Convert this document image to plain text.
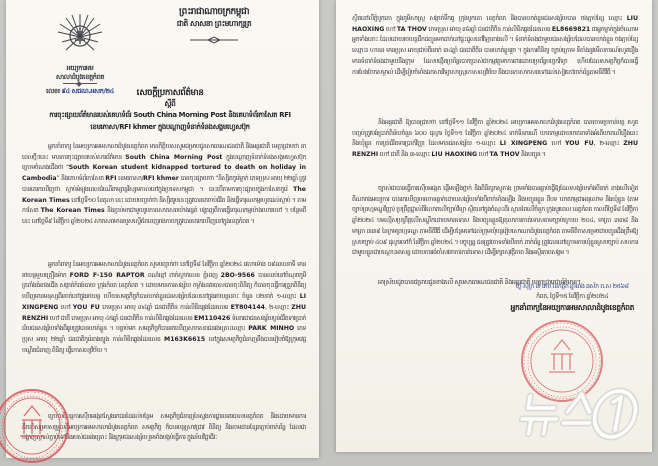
អយ្យការអម
សាលាដំបូងខេត្តកំពត
លេខ៖ ៩៤ សជណ.អសក/២៤
ព្រះរាជាណាចក្រកម្ពុជា
ជាតិ សាសនា ព្រះមហាក្សត្រ
សេចក្តីប្រកាសព័ត៌មាន
ស្តីពី
ការចុះផ្សាយព័ត៌មានរបស់គេហទំព័រ South China Morning Post និងគេហទំព័រកាសែត RFI
ខេមរភាសា/RFI khmer ក្នុងបណ្ដាញទំនាក់ទំនងសង្គមហ្វេសប៊ុក
អ្នកនាំពាក្យ នៃអយ្យការអមសាលាដំបូងខេត្តកំពត មានកិត្តិយសសូមជម្រាបជូនសាធារណជនជាតិ និងអន្តរជាតិ មេត្តាជ្រាបថា នាពេលថ្មីៗនេះ មានការចុះផ្សាយរបស់សារព័ត៌មាន South China Morning Post ក្នុងបណ្ដាញទំនាក់ទំនងសង្គមហ្វេសប៊ុក ក្រោមចំណងជើងថា “South Korean student kidnapped tortured to death on holiday in Cambodia” និងគេហទំព័រកាសែត RFI ខេមរភាសា/RFI khmer បានចុះផ្សាយថា “និស្សិតកូរ៉េម្នាក់ ភេទប្រុស អាយុ ២២ឆ្នាំ ត្រូវបានគេរកឃើញថា ស្លាប់អំឡុងពេលដំណើរកម្សាន្តវិស្សមកាលនៅក្នុងប្រទេសកម្ពុជា ។ នេះបើតាមការចុះផ្សាយក្នុងកាសែតកូរ៉េ The Korean Times នៅថ្ងៃទី១០ ខែតុលា នេះ ដោយបញ្ជាក់ថា និស្សិតរូបនេះត្រូវបានគេចាប់ជំរិត និងធ្វើទារុណកម្មរហូតដល់ស្លាប់ ។ តាមកាសែត The Korean Times និងភ្ជាប់មកជាមួយរូបភាពសាកសពយ៉ាងរន្ធត់ បង្ហាញពីការធ្វើទារុណកម្មយ៉ាងឃោរឃៅ ។ បន្ថែមពីនេះ នៅថ្ងៃទី៩ ខែវិច្ឆិកា ឆ្នាំ២០២៤ សាកសពមានរបួសស្ទើរតែពេញរាងកាយត្រូវបានគេរកឃើញនៅក្នុងខេត្តកំពត ។
អ្នកនាំពាក្យ នៃអយ្យការអមសាលាដំបូងខេត្តកំពត សូមបញ្ជាក់ថា នៅថ្ងៃទី៨ ខែវិច្ឆិកា ឆ្នាំ២០២៤ វេលាម៉ោង ០៩៖៣០នាទី មានរថយន្តមួយគ្រឿងម៉ាក FORD F-150 RAPTOR ពណ៌ខ្មៅ ពាក់ស្លាកលេខ ភ្នំពេញ 2BO-9566 បានឈប់នៅចំណុចភូមិត្រពាំងធំខាងជើង សង្កាត់កំពង់បាយ ក្រុងកំពត ខេត្តកំពត ។ ដោយមានការសង្ស័យ កម្លាំងនគរបាលបានចុះពិនិត្យ ក៏បានចុះធ្វើការត្រួតពិនិត្យ ឃើញមានមនុស្សពីរនាក់នៅក្នុងរថយន្ត ហើយសមត្ថកិច្ចក៏បានឃាត់ខ្លួនជនសង្ស័យដែលនៅក្នុងរថយន្តនោះ ចំនួន ០២នាក់ ១-ឈ្មោះ LI XINGPENG ហៅ YOU FU ភេទប្រុស អាយុ ៣៤ឆ្នាំ ជនជាតិចិន កាន់លិខិតឆ្លងដែនលេខ ET804144, ២-ឈ្មោះ ZHU RENZHI ហៅ ជាគី ភេទប្រុស អាយុ ៤៥ឆ្នាំ ជនជាតិចិន កាន់លិខិតឆ្លងដែនលេខ EM110426 ទំនោរជាជនសង្ស័យប្លន់ជំរិតទារប្រាក់ ជ័យជនសង្ស័យទាំងពីររូបត្រូវបានឃាត់ខ្លួន ។ បន្ទាប់មក សមត្ថកិច្ចក៏បានរកឃើញសាកសពជនរងគ្រោះឈ្មោះ PARK MINHO ភេទប្រុស អាយុ ២២ឆ្នាំ ជនជាតិកូរ៉េខាងត្បូង កាន់លិខិតឆ្លងដែនលេខ M163K6615 នៅក្នុងសមត្ថកិច្ចជំនាញនឹងបានរៀបចំឱ្យក្រុមវេជ្ជបណ្ឌិតជំនាញ ពិនិត្យ ធ្វើកោសល្យវិច័យ ។
ក្រោយពីបន្តការស៊ើបអង្កេតស្វែងរកជនដៃដល់បន្ថែម សមត្ថកិច្ចជំនាញនៃស្នងការដ្ឋាននគរបាលខេត្តកំពត និងដោយមានការដឹកនាំសម្របសម្រួលពីអយ្យការអមសាលាដំបូងខេត្តកំពត សមត្ថកិច្ច ក៏បានបន្តស្រាវជ្រាវ ពិនិត្យ និងតាមដានខ្សែតភ្ជាប់ពាក់ព័ន្ធ ដែលជាបង្ហាញស្គាល់ភ្ជាប់ទៅនឹងរបស់ជនរងគ្រោះ និងក្រុមជនសង្ស័យ រួមទាំងបង្កប់ធ្វើការ ក្នុងន័យវិជ្ជាជីវៈ
ស្ថិតនៅលីភ្នំបូកគោ ក្នុងភូមិសាស្ត្រ សង្កាត់ទឹកឆូ ក្រុងបូកគោ ខេត្តកំពត និងបានឃាត់ខ្លួនជនសង្ស័យបាន ចងភ្ជាប់ខ្សែ ឈ្មោះ LIU HAOXING ហៅ TA THOV ភេទប្រុស អាយុ ៣៦ឆ្នាំ ជនជាតិចិន កាន់លិខិតឆ្លងដែនលេខ EL8669821 ជាអ្នកម្នាក់ក្នុងចំណោមអ្នកទាំងនោះ ដែលដោយរថយន្តដឹកជញ្ជូនមកដាក់នៅផ្ទះជួលនៅវិឡាខាងលើ ។ ទំនាក់ទំនងជាមួយជនសង្ស័យដែលបានឃាត់ខ្លួន ចងភ្ជាប់ខ្សែ ឈ្មោះ៖ ហានន មានប្រុស អាយុជាប់ពីរនាក់ ៣៤ឆ្នាំ ជនជាតិចិន បានឃាត់ខ្លួនរួច ។ ក្នុងការពិនិត្យ ច្បាប់ក្រោម ទីតាំងនូវមើលការណ៍រហូតរឿង មានទំនាក់ទំនងជាមួយនឹងក្រុម ដែលបង្កើតប្រព័ន្ធបោកប្រាស់ជាកម្មវត្ថុមកការពារដោយប្រព័ន្ធបច្ចេកវិទ្យា ហើយដែលសមត្ថកិច្ចក៏បានធ្វើការបែងចែកសម្គាល់ ដើម្បីរៀបចំទាំងឯកសារវិទ្យាសាស្ត្រកោសល្យវិច័យ និងបានកាសាកសពទៅដល់សៀវភៅពាក់ព័ន្ធតាមនីតិវិធី ។
និងអន្តរជាតិ ឱ្យបានជ្រាបថា នៅថ្ងៃទី១១ ខែវិច្ឆិកា ឆ្នាំ២០២៤ អយ្យការអមសាលាដំបូងខេត្តកំពត បានចោទប្រកាន់បន្ត រហូតបញ្ចប់ត្រូវបង់ប្រាក់ពិន័យចំនួន ៦០០ ដុល្លារ ថ្ងៃទី១១ ខែវិច្ឆិកា ឆ្នាំ២០២៤ ទាក់ទិនករណី ឃាតកម្មដោយចេតនាទាំងអំពើឃាតលើរឿងនេះ និងឃុំខ្លួន ការប្លន់ជំរិតទារប្រាក់វិញ្ញា ដែលមានជនសង្ស័យ ១-ឈ្មោះ LI XINGPENG ហៅ YOU FU, ២-ឈ្មោះ ZHU RENZHI ហៅ ជាគី និង ៣-ឈ្មោះ LIU HAOXING ហៅ TA THOV និងបញ្ជូន ។
ច្បាស់ជាបានធ្វើការស៊ើបអង្កេត ផ្ដើមឡើងថ្នាក់ និងពិនិត្យភស្តុតាង ច្រមទាំងបានឆ្លាប់ធ្វើឱ្យដែលសង្ស័យទាំងបីនាក់ ខាងលើទៀត ពីណាកងអយ្យការ បានរកឃើញបទចោទឆ្លាក់ដោយសង្ស័យទាំងបីពាក់ទាំងឡើង និងបញ្ជូនខ្លួន ពីបទ ឃាតកម្មជាអនុលោម និងឃុំខ្លួន (តាមច្បាប់ព្រហ្មទណ្ឌវិញ្ញា) ប្រព្រឹត្តជ្នាល់ពីរំលោភលើច្បាប់វិទ្យា ស្ថិតនៅក្នុងចំណុះពីរ ស្ថានតែលើចំនួក ក្រុងប្តូរពេល ខេត្តកំពត កាលពីថ្ងៃទី៨ ខែវិច្ឆិកា ឆ្នាំ២០២៤ បទល្មើសប្រព្រឹត្តលើសណ្ឌឹកដោយមានទោស និងបញ្ជូនខ្លួនឱ្យតុលាការកាត់ទោសតាមច្បាប់ក្រោយ ២០៤, មាត្រា ៣៣៨ និងមាត្រា ៣៣៩ នៃក្រមព្រហ្មទណ្ឌ តាមនីតិវិធី ដើម្បីបន្ថែមទៅដល់ក្រុមឃុំបន្តរៀបសោណាដំបូងខេត្តកំពត តាមនីតិកាសម្រេចជាបញ្ជូនដឹងត្រឹមឱ្យស្របច្បាប់ ៤០៩ ដុល្លារទៅក៏ ខែវិច្ឆិកា ឆ្នាំ២០២៤ ។ បច្ចុប្បន្ន ជនត្រូវចោទទាំងបីនាក់ ពាក់ព័ន្ធ ត្រូវបាននៅក្រោមការឃុំខ្លួនស្របច្បាប់ សហការជាមួយខ្លួនជាបណ្ដោះអាសន្ន ដោយការរង់ចាំសវនាការកាត់ទោស ដើម្បីរក្សាសុវត្ថិភាព និងអស្ថិរភាពសង្គម ។
អាស្រ័យដូចបានជម្រាបជូនខាងលើ សូមសាធារណជនជាតិ និងអន្តរជាតិ មេត្តាជ្រាបជាព័ត៌មាន។
ថ្ងៃ សុក្រ ៣ រោច ខែកត្តិក ឆ្នាំរោង ឆស័ក ព.ស ២៥៦៨
កំពត, ថ្ងៃទី១៥ ខែវិច្ឆិកា ឆ្នាំ២០២៤
អ្នកនាំពាក្យនៃអយ្យការអមសាលាដំបូងខេត្តកំពត
